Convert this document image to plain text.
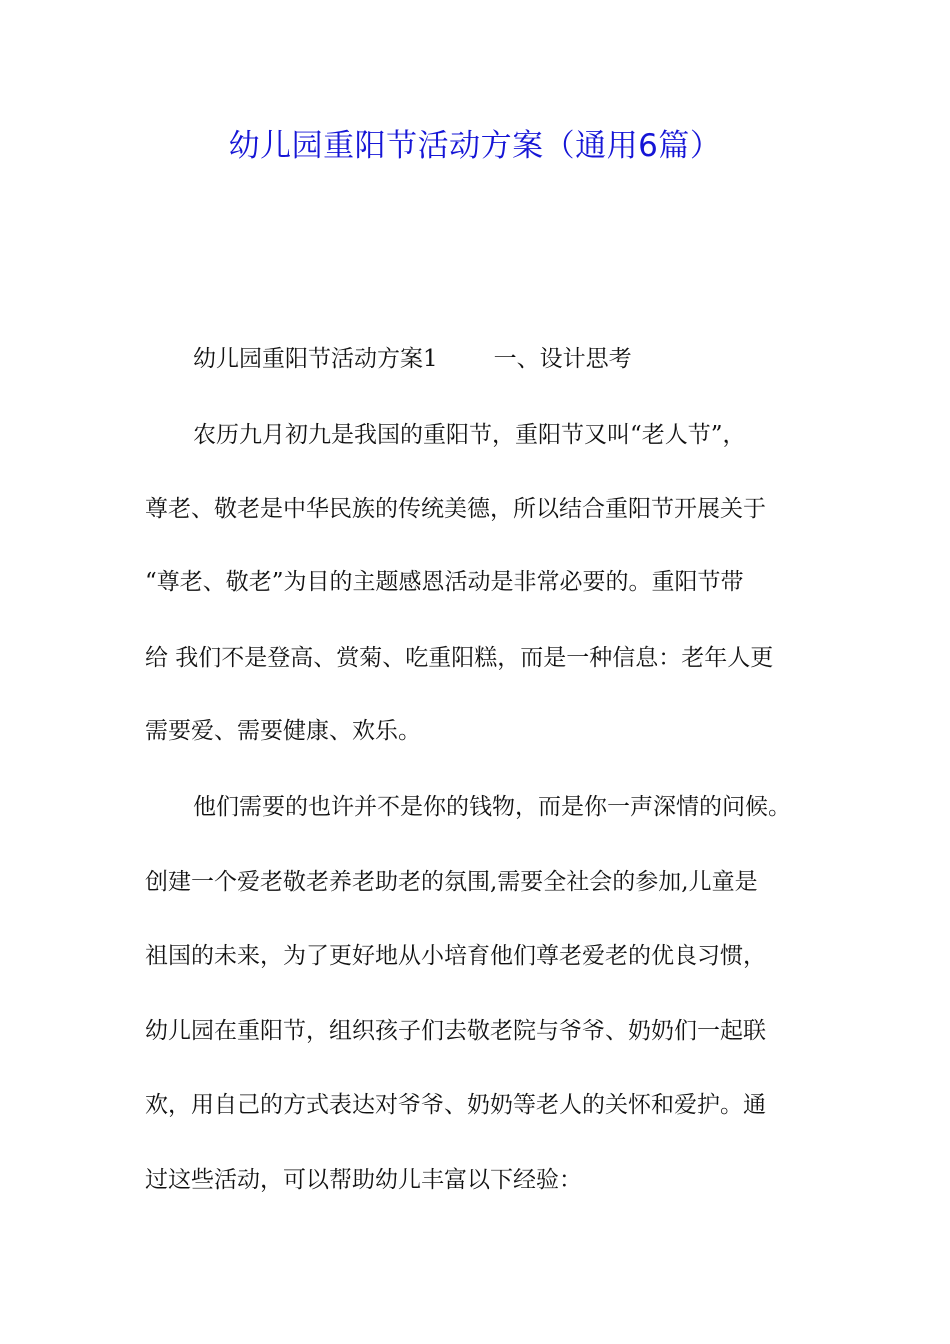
幼儿园重阳节活动方案（通用6篇）

幼儿园重阳节活动方案1 一、设计思考

农历九月初九是我国的重阳节，重阳节又叫“老人节”，

尊老、敬老是中华民族的传统美德，所以结合重阳节开展关于

“尊老、敬老”为目的主题感恩活动是非常必要的。重阳节带

给 我们不是登高、赏菊、吃重阳糕，而是一种信息：老年人更

需要爱、需要健康、欢乐。

他们需要的也许并不是你的钱物，而是你一声深情的问候。

创建一个爱老敬老养老助老的氛围,需要全社会的参加,儿童是

祖国的未来，为了更好地从小培育他们尊老爱老的优良习惯，

幼儿园在重阳节，组织孩子们去敬老院与爷爷、奶奶们一起联

欢，用自己的方式表达对爷爷、奶奶等老人的关怀和爱护。通

过这些活动，可以帮助幼儿丰富以下经验：
